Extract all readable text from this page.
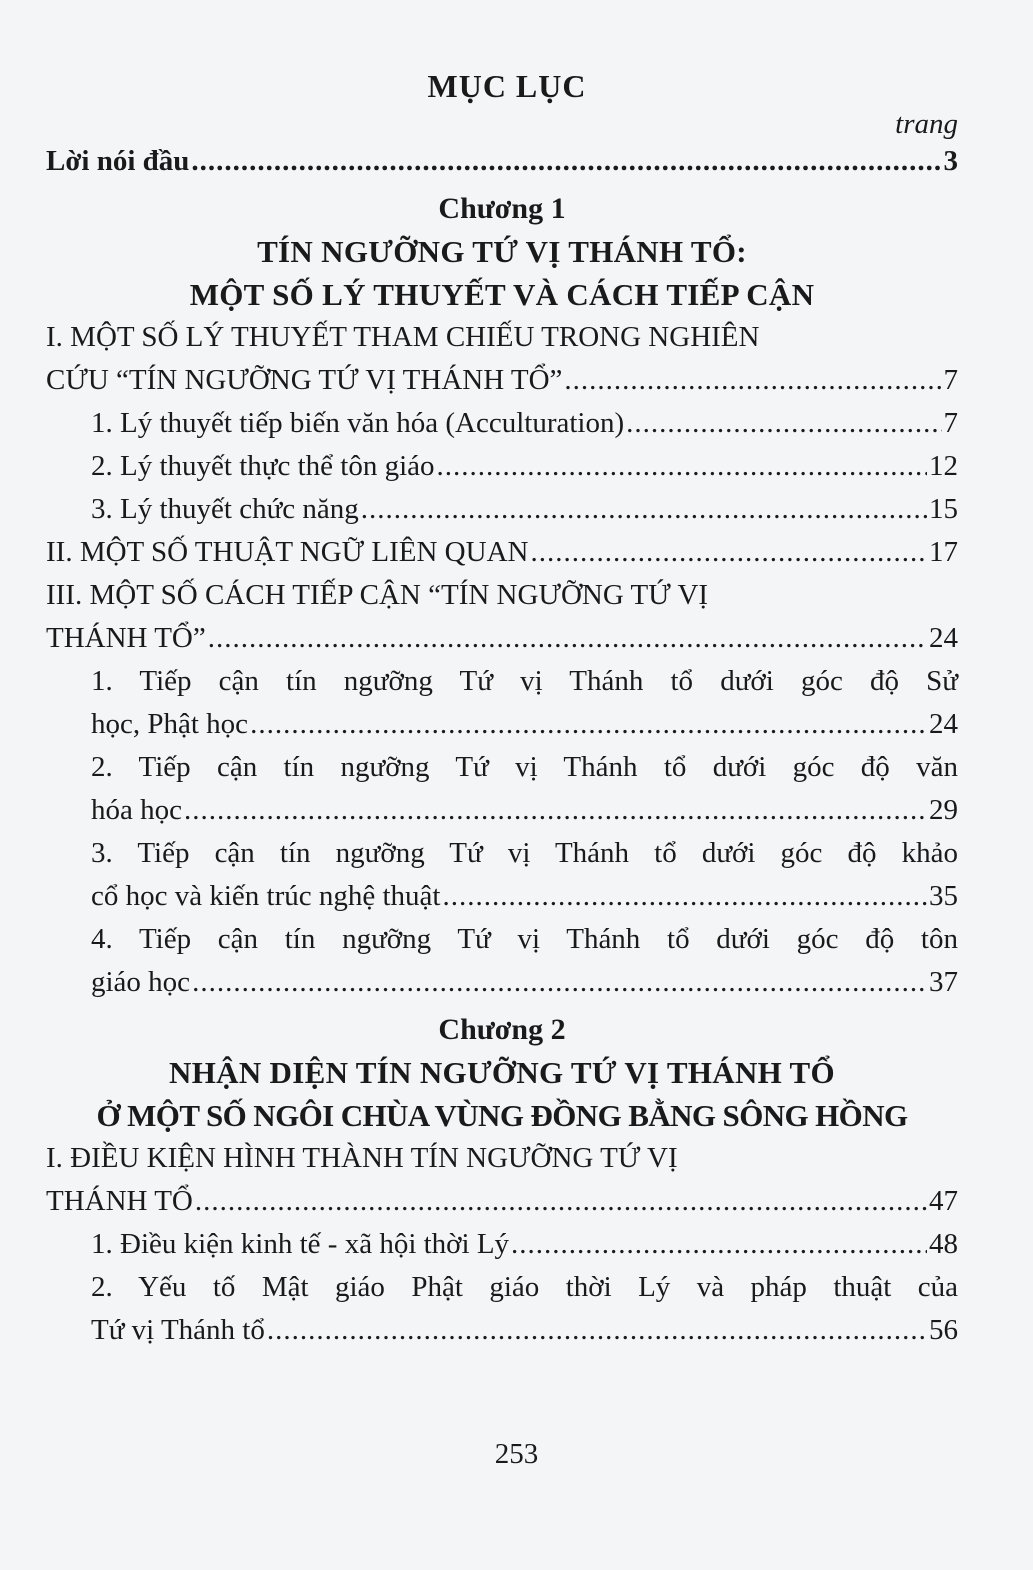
MỤC LỤC
trang
Lời nói đầu .....	3
Chương 1
TÍN NGƯỠNG TỨ VỊ THÁNH TỔ:
MỘT SỐ LÝ THUYẾT VÀ CÁCH TIẾP CẬN
I. MỘT SỐ LÝ THUYẾT THAM CHIẾU TRONG NGHIÊN
CỨU “TÍN NGƯỠNG TỨ VỊ THÁNH TỔ” .....	7
1. Lý thuyết tiếp biến văn hóa (Acculturation) .....	7
2. Lý thuyết thực thể tôn giáo .....	12
3. Lý thuyết chức năng .....	15
II. MỘT SỐ THUẬT NGỮ LIÊN QUAN .....	17
III. MỘT SỐ CÁCH TIẾP CẬN “TÍN NGƯỠNG TỨ VỊ
THÁNH TỔ” .....	24
1. Tiếp cận tín ngưỡng Tứ vị Thánh tổ dưới góc độ Sử
học, Phật học .....	24
2. Tiếp cận tín ngưỡng Tứ vị Thánh tổ dưới góc độ văn
hóa học .....	29
3. Tiếp cận tín ngưỡng Tứ vị Thánh tổ dưới góc độ khảo
cổ học và kiến trúc nghệ thuật .....	35
4. Tiếp cận tín ngưỡng Tứ vị Thánh tổ dưới góc độ tôn
giáo học .....	37
Chương 2
NHẬN DIỆN TÍN NGƯỠNG TỨ VỊ THÁNH TỔ
Ở MỘT SỐ NGÔI CHÙA VÙNG ĐỒNG BẰNG SÔNG HỒNG
I. ĐIỀU KIỆN HÌNH THÀNH TÍN NGƯỠNG TỨ VỊ
THÁNH TỔ .....	47
1. Điều kiện kinh tế - xã hội thời Lý .....	48
2. Yếu tố Mật giáo Phật giáo thời Lý và pháp thuật của
Tứ vị Thánh tổ .....	56
253
